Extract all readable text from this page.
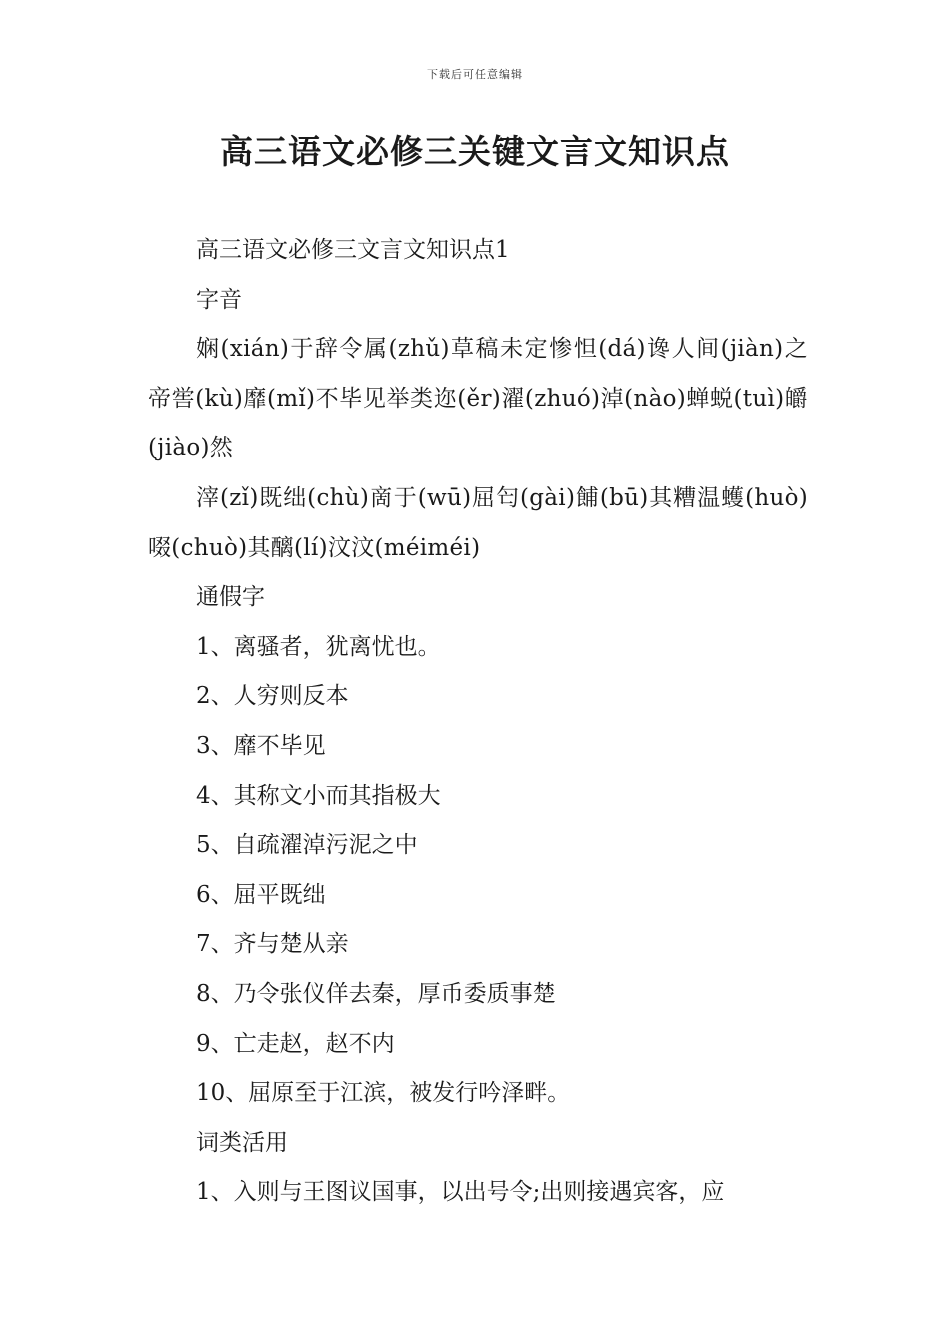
下载后可任意编辑
高三语文必修三关键文言文知识点

高三语文必修三文言文知识点1

字音

娴(xián)于辞令属(zhǔ)草稿未定惨怛(dá)谗人间(jiàn)之帝喾(kù)靡(mǐ)不毕见举类迩(ěr)濯(zhuó)淖(nào)蝉蜕(tuì)皭(jiào)然

滓(zǐ)既绌(chù)啇于(wū)屈匄(gài)餔(bū)其糟温蠖(huò)啜(chuò)其醨(lí)汶汶(méiméi)

通假字

1、离骚者，犹离忧也。

2、人穷则反本

3、靡不毕见

4、其称文小而其指极大

5、自疏濯淖污泥之中

6、屈平既绌

7、齐与楚从亲

8、乃令张仪佯去秦，厚币委质事楚

9、亡走赵，赵不内

10、屈原至于江滨，被发行吟泽畔。

词类活用

1、入则与王图议国事，以出号令;出则接遇宾客，应
